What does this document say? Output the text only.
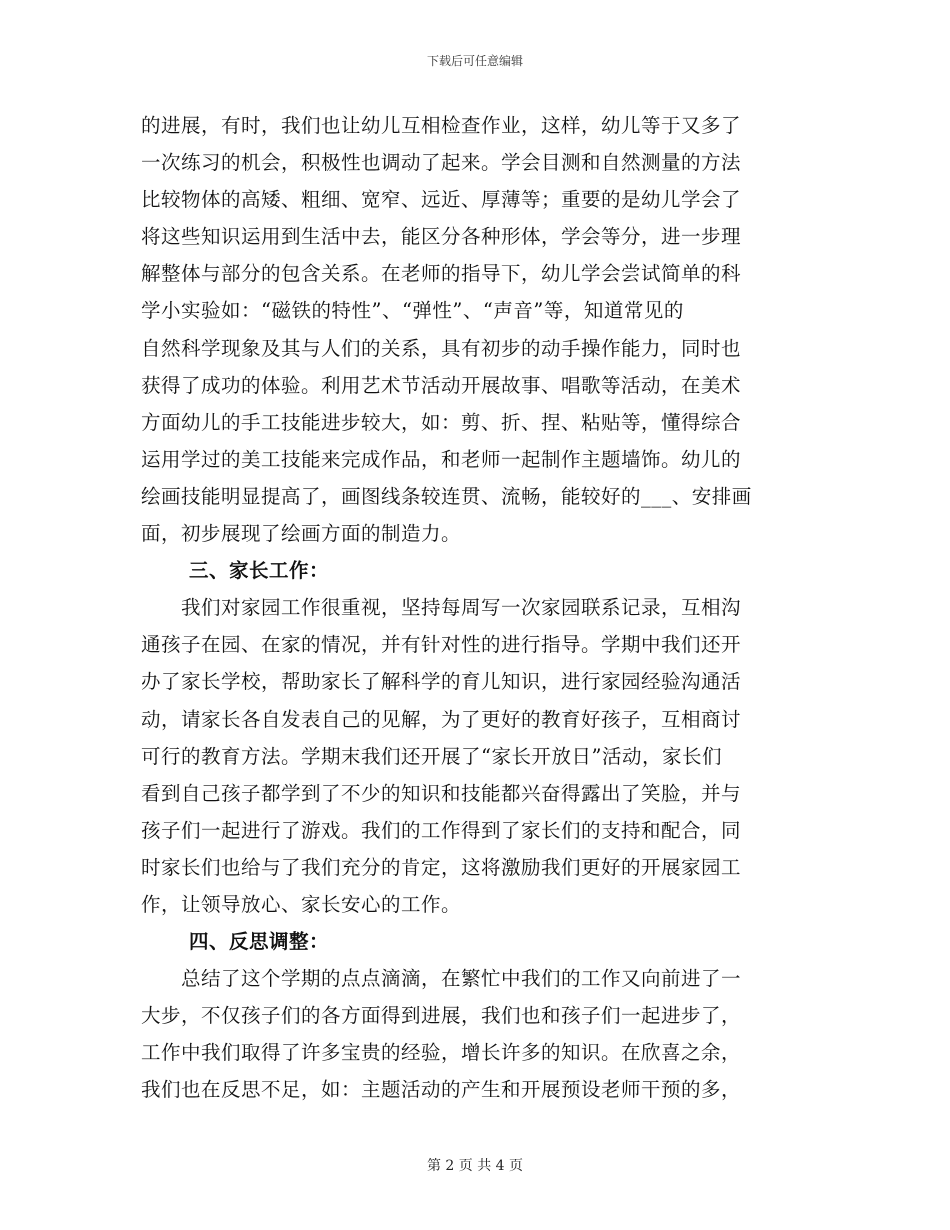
下载后可任意编辑
的进展，有时，我们也让幼儿互相检查作业，这样，幼儿等于又多了
一次练习的机会，积极性也调动了起来。学会目测和自然测量的方法
比较物体的高矮、粗细、宽窄、远近、厚薄等；重要的是幼儿学会了
将这些知识运用到生活中去，能区分各种形体，学会等分，进一步理
解整体与部分的包含关系。在老师的指导下，幼儿学会尝试简单的科
学小实验如：“磁铁的特性”、“弹性”、“声音”等，知道常见的
自然科学现象及其与人们的关系，具有初步的动手操作能力，同时也
获得了成功的体验。利用艺术节活动开展故事、唱歌等活动，在美术
方面幼儿的手工技能进步较大，如：剪、折、捏、粘贴等，懂得综合
运用学过的美工技能来完成作品，和老师一起制作主题墙饰。幼儿的
绘画技能明显提高了，画图线条较连贯、流畅，能较好的___、安排画
面，初步展现了绘画方面的制造力。
三、家长工作：
我们对家园工作很重视，坚持每周写一次家园联系记录，互相沟
通孩子在园、在家的情况，并有针对性的进行指导。学期中我们还开
办了家长学校，帮助家长了解科学的育儿知识，进行家园经验沟通活
动，请家长各自发表自己的见解，为了更好的教育好孩子，互相商讨
可行的教育方法。学期末我们还开展了“家长开放日”活动，家长们
看到自己孩子都学到了不少的知识和技能都兴奋得露出了笑脸，并与
孩子们一起进行了游戏。我们的工作得到了家长们的支持和配合，同
时家长们也给与了我们充分的肯定，这将激励我们更好的开展家园工
作，让领导放心、家长安心的工作。
四、反思调整：
总结了这个学期的点点滴滴，在繁忙中我们的工作又向前进了一
大步，不仅孩子们的各方面得到进展，我们也和孩子们一起进步了，
工作中我们取得了许多宝贵的经验，增长许多的知识。在欣喜之余，
我们也在反思不足，如：主题活动的产生和开展预设老师干预的多，
第 2 页 共 4 页
